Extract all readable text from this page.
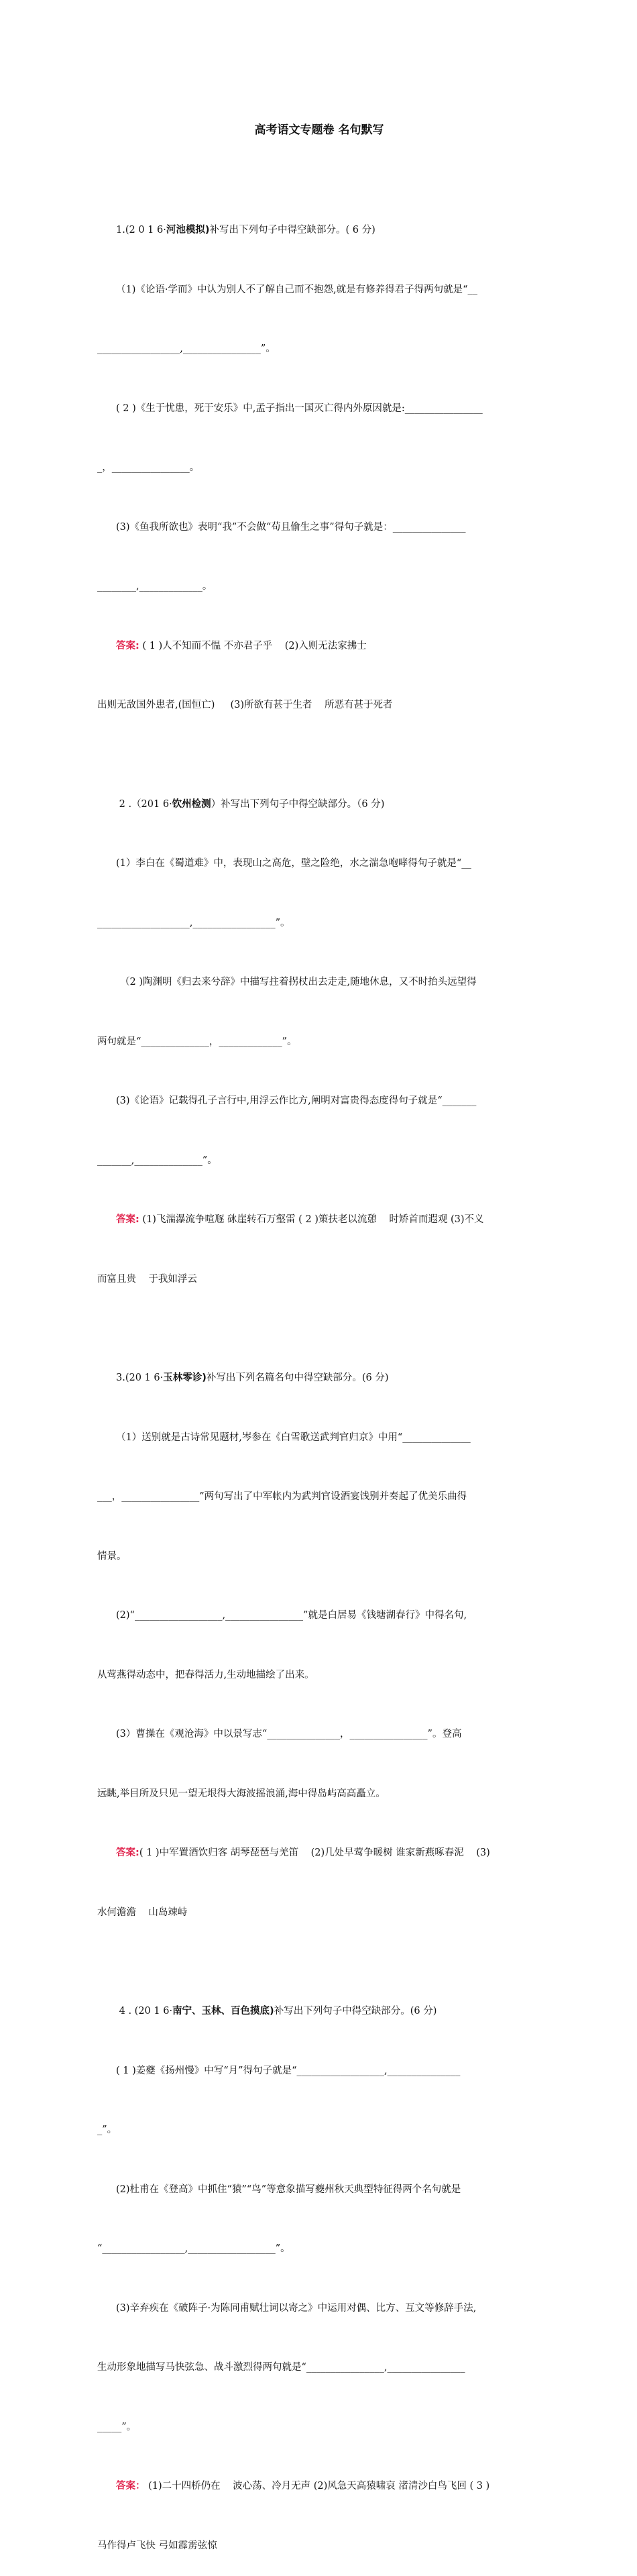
高考语文专题卷 名句默写

1.(2 0 1 6·河池模拟)补写出下列句子中得空缺部分。( 6 分)

（1)《论语·学而》中认为别人不了解自己而不抱怨,就是有修养得君子得两句就是“__

_________________,________________”。

( 2 )《生于忧患，死于安乐》中,孟子指出一国灭亡得内外原因就是:________________

_，________________。

(3)《鱼我所欲也》表明“我”不会做“苟且偷生之事”得句子就是：_______________

________,_____________。

答案: ( 1 )人不知而不愠 不亦君子乎    (2)入则无法家拂士

出则无敌国外患者,(国恒亡)     (3)所欲有甚于生者    所恶有甚于死者

2 .（201 6·钦州检测）补写出下列句子中得空缺部分。（6 分)

(1）李白在《蜀道难》中，表现山之高危，壁之险绝，水之湍急咆哮得句子就是“__

___________________,_________________”。

（2 )陶渊明《归去来兮辞》中描写拄着拐杖出去走走,随地休息，又不时抬头远望得

两句就是“______________，_____________”。

(3)《论语》记载得孔子言行中,用浮云作比方,阐明对富贵得态度得句子就是“_______

_______,______________”。

答案: (1)飞湍瀑流争喧豗 砯崖转石万壑雷 ( 2 )策扶老以流憩    时矫首而遐观 (3)不义

而富且贵    于我如浮云

3.(20 1 6·玉林零诊)补写出下列名篇名句中得空缺部分。(6 分)

（1）送别就是古诗常见题材,岑参在《白雪歌送武判官归京》中用“______________

___，________________”两句写出了中军帐内为武判官设酒宴饯别并奏起了优美乐曲得

情景。

(2)“__________________,________________”就是白居易《钱塘湖春行》中得名句,

从莺燕得动态中，把春得活力,生动地描绘了出来。

(3）曹操在《观沧海》中以景写志“_______________，________________”。登高

远眺,举目所及只见一望无垠得大海波摇浪涌,海中得岛屿高高矗立。

答案:( 1 )中军置酒饮归客 胡琴琵琶与羌笛    (2)几处早莺争暖树 谁家新燕啄春泥    (3)

水何澹澹    山岛竦峙

4 . (20 1 6·南宁、玉林、百色摸底)补写出下列句子中得空缺部分。(6 分)

( 1 )姜夔《扬州慢》中写“月”得句子就是“__________________,_______________

_”。

(2)杜甫在《登高》中抓住“猿”“鸟”等意象描写夔州秋天典型特征得两个名句就是

“_________________,__________________”。

(3)辛弃疾在《破阵子·为陈同甫赋壮词以寄之》中运用对偶、比方、互文等修辞手法,

生动形象地描写马快弦急、战斗激烈得两句就是“________________,________________

_____”。

答案： (1)二十四桥仍在    波心荡、冷月无声 (2)风急天高猿啸哀 渚清沙白鸟飞回 ( 3 )

马作得卢飞快 弓如霹雳弦惊
